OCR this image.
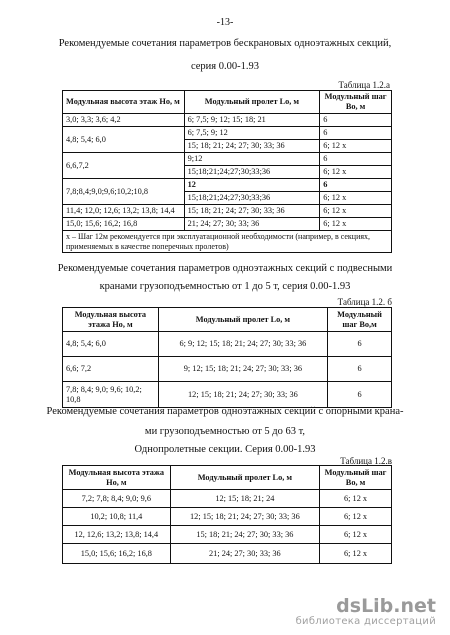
-13-
Рекомендуемые сочетания параметров бескрановых одноэтажных секций,
серия 0.00-1.93
Таблица 1.2.а
Модульная высота этаж Hо, м	Модульный пролет Lо, м	Модульный шаг Bо, м
3,0; 3,3; 3,6; 4,2	6; 7,5; 9; 12; 15; 18; 21	6
4,8; 5,4; 6,0	6; 7,5; 9; 12	6
	15; 18; 21; 24; 27; 30; 33; 36	6; 12 x
6,6,7,2	9;12	6
	15;18;21;24;27;30;33;36	6; 12 x
7,8;8,4;9,0;9,6;10,2;10,8	12	6
	15;18;21;24;27;30;33;36	6; 12 x
11,4; 12,0; 12,6; 13,2; 13,8; 14,4	15; 18; 21; 24; 27; 30; 33; 36	6; 12 x
15,0; 15,6; 16,2; 16,8	21; 24; 27; 30; 33; 36	6; 12 x
x – Шаг 12м рекомендуется при эксплуатационной необходимости (например, в секциях, применяемых в качестве поперечных пролетов)		
Рекомендуемые сочетания параметров одноэтажных секций с подвесными
кранами грузоподъемностью от 1 до 5 т, серия 0.00-1.93
Таблица 1.2. б
Модульная высота этажа Hо, м	Модульный пролет Lо, м	Модульный шаг Bо,м
4,8; 5,4; 6,0	6; 9; 12; 15; 18; 21; 24; 27; 30; 33; 36	6
6,6; 7,2	9; 12; 15; 18; 21; 24; 27; 30; 33; 36	6
7,8; 8,4; 9,0; 9,6; 10,2; 10,8	12; 15; 18; 21; 24; 27; 30; 33; 36	6
Рекомендуемые сочетания параметров одноэтажных секций с опорными крана-
ми грузоподъемностью от 5 до 63 т,
Однопролетные секции. Серия 0.00-1.93
Таблица 1.2.в
Модульная высота этажа Hо, м	Модульный пролет Lо, м	Модульный шаг Bо, м
7,2; 7,8; 8,4; 9,0; 9,6	12; 15; 18; 21; 24	6; 12 x
10,2; 10,8; 11,4	12; 15; 18; 21; 24; 27; 30; 33; 36	6; 12 x
12, 12,6; 13,2; 13,8; 14,4	15; 18; 21; 24; 27; 30; 33; 36	6; 12 x
15,0; 15,6; 16,2; 16,8	21; 24; 27; 30; 33; 36	6; 12 x
dsLib.net
библиотека диссертаций
